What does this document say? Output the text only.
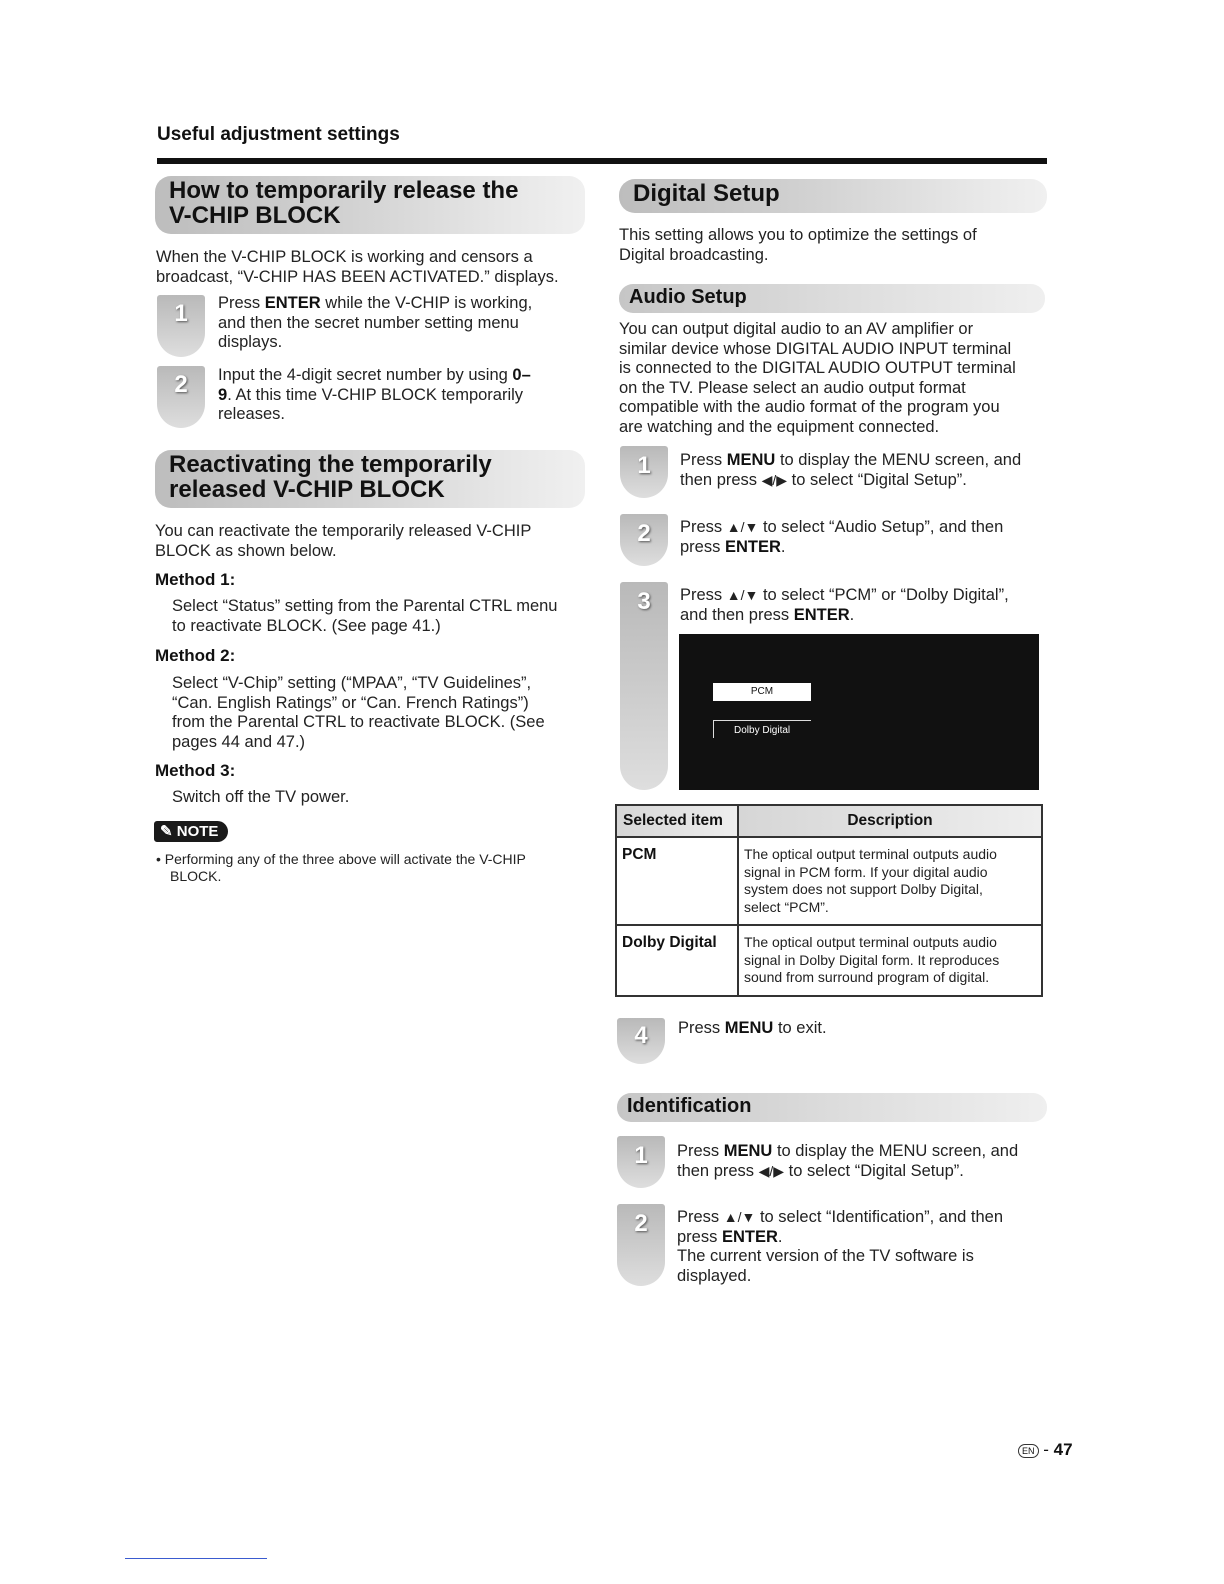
Useful adjustment settings
How to temporarily release the
V-CHIP BLOCK
When the V-CHIP BLOCK is working and censors a
broadcast, “V-CHIP HAS BEEN ACTIVATED.” displays.
1	Press ENTER while the V-CHIP is working,
and then the secret number setting menu
displays.
2	Input the 4-digit secret number by using 0–
9. At this time V-CHIP BLOCK temporarily
releases.
Reactivating the temporarily
released V-CHIP BLOCK
You can reactivate the temporarily released V-CHIP
BLOCK as shown below.
Method 1:
Select “Status” setting from the Parental CTRL menu
to reactivate BLOCK. (See page 41.)
Method 2:
Select “V-Chip” setting (“MPAA”, “TV Guidelines”,
“Can. English Ratings” or “Can. French Ratings”)
from the Parental CTRL to reactivate BLOCK. (See
pages 44 and 47.)
Method 3:
Switch off the TV power.
✎ NOTE
• Performing any of the three above will activate the V-CHIP
BLOCK.
Digital Setup
This setting allows you to optimize the settings of
Digital broadcasting.
Audio Setup
You can output digital audio to an AV amplifier or
similar device whose DIGITAL AUDIO INPUT terminal
is connected to the DIGITAL AUDIO OUTPUT terminal
on the TV. Please select an audio output format
compatible with the audio format of the program you
are watching and the equipment connected.
1	Press MENU to display the MENU screen, and
then press ◀/▶ to select “Digital Setup”.
2	Press ▲/▼ to select “Audio Setup”, and then
press ENTER.
3	Press ▲/▼ to select “PCM” or “Dolby Digital”,
and then press ENTER.
PCM
Dolby Digital
Selected item	Description
PCM	The optical output terminal outputs audio
signal in PCM form. If your digital audio
system does not support Dolby Digital,
select “PCM”.

Dolby Digital	The optical output terminal outputs audio
signal in Dolby Digital form. It reproduces
sound from surround program of digital.
4	Press MENU to exit.
Identification
1	Press MENU to display the MENU screen, and
then press ◀/▶ to select “Digital Setup”.
2	Press ▲/▼ to select “Identification”, and then
press ENTER.
The current version of the TV software is
displayed.
EN - 47
